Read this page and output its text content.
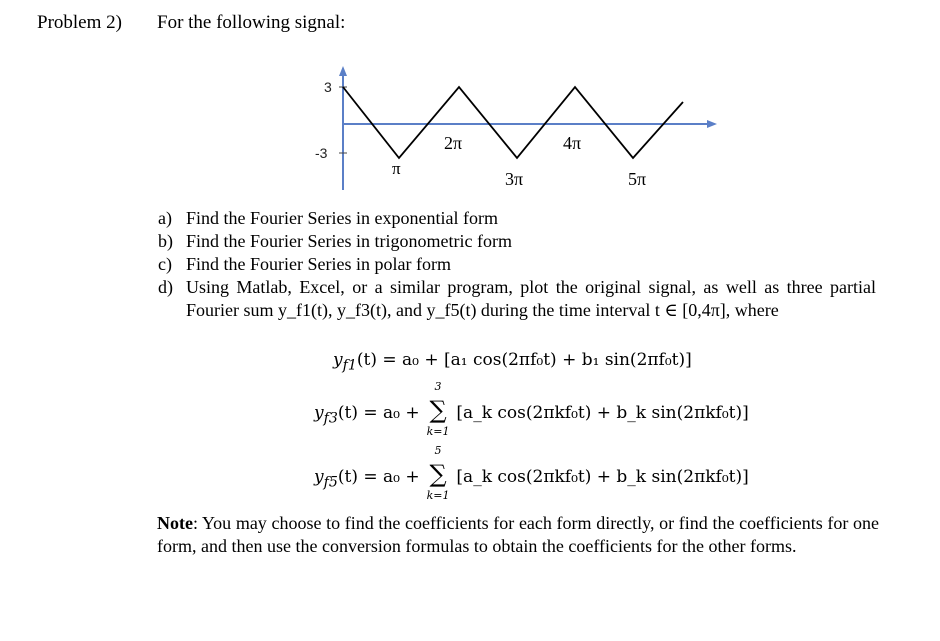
Problem 2) For the following signal:
3
-3	2π	4π
π
3π	5π
a) Find the Fourier Series in exponential form
b) Find the Fourier Series in trigonometric form
c) Find the Fourier Series in polar form
d) Using Matlab, Excel, or a similar program, plot the original signal, as well as three partial Fourier sum y_f1(t), y_f3(t), and y_f5(t) during the time interval t ∈ [0,4π], where
$y_{f1}(t) = a_0 + [a_1$ cos(2πf₀t) + b₁ sin(2πf₀t)]
$y_{f3}(t) = a_0$ +
3
∑
k=1
[a_k cos(2πkf₀t) + b_k sin(2πkf₀t)]
$y_{f5}(t) = a_0$ +
5
∑
k=1
[a_k cos(2πkf₀t) + b_k sin(2πkf₀t)]
Note: You may choose to find the coefficients for each form directly, or find the coefficients for one form, and then use the conversion formulas to obtain the coefficients for the other forms.
